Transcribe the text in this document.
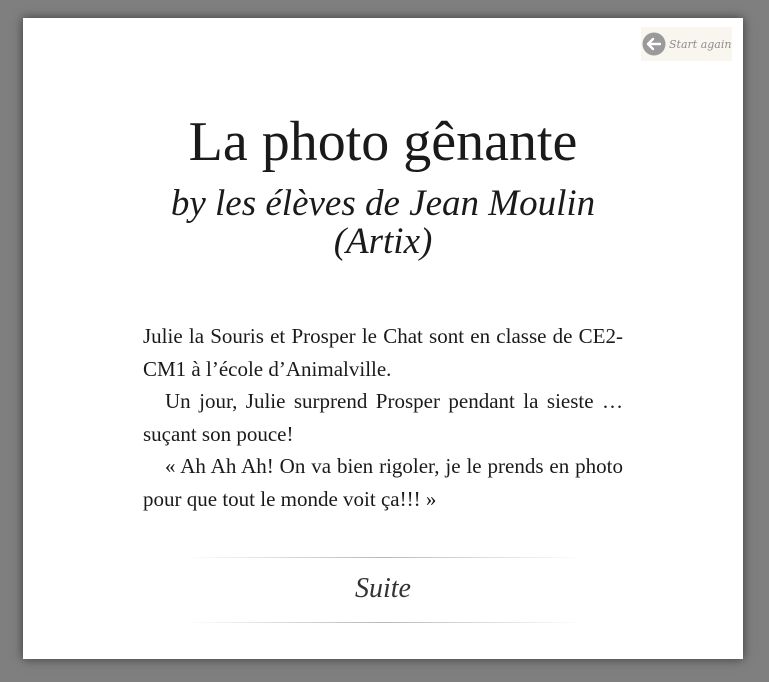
Start again
La photo gênante
by les élèves de Jean Moulin (Artix)

Julie la Souris et Prosper le Chat sont en classe de CE2-CM1 à l’école d’Animalville.

Un jour, Julie surprend Prosper pendant la sieste … suçant son pouce!

« Ah Ah Ah! On va bien rigoler, je le prends en photo pour que tout le monde voit ça!!! »

Suite
